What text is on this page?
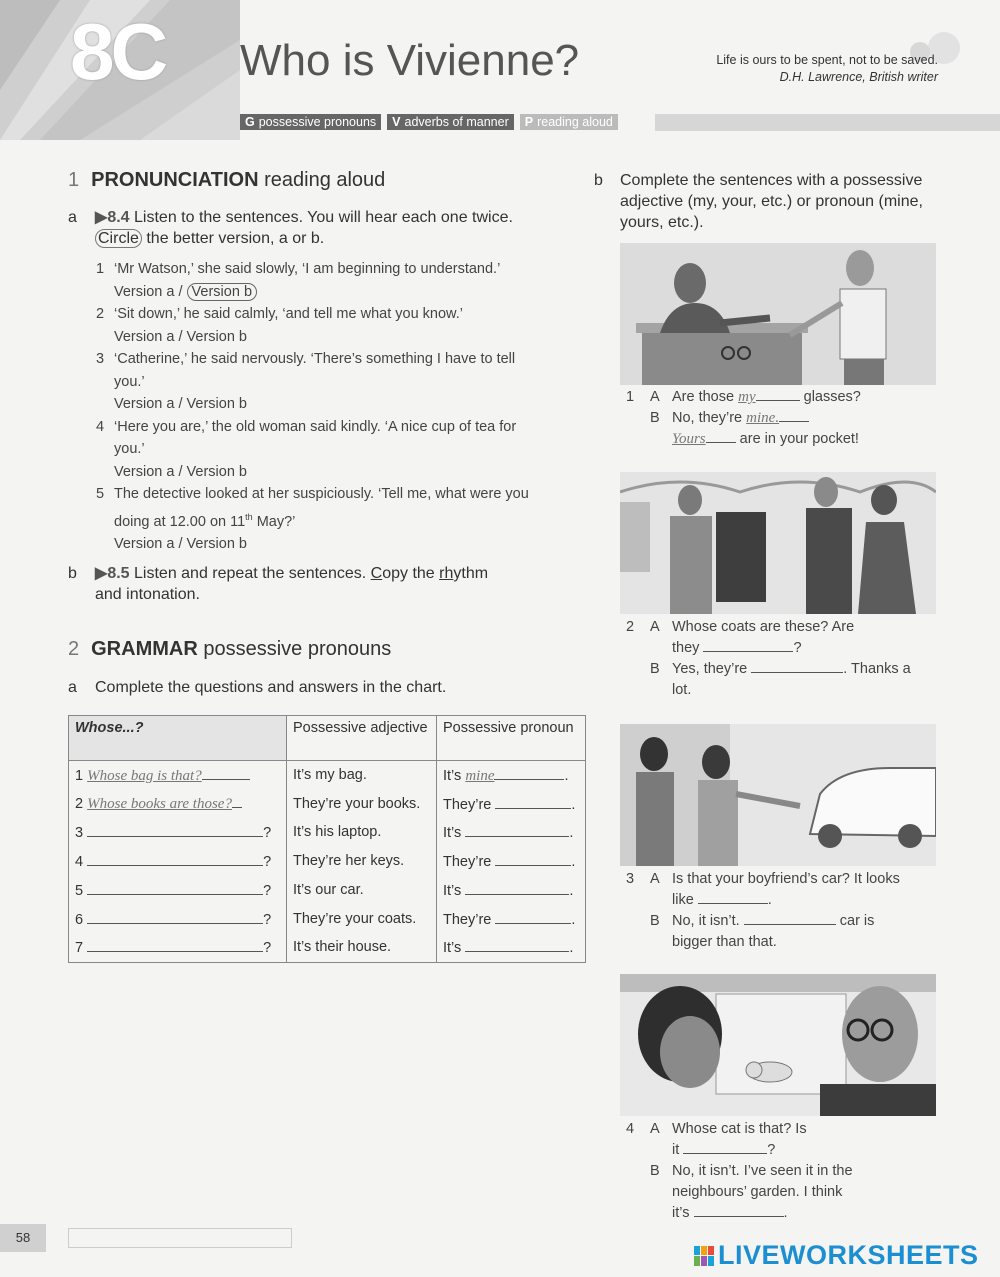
8C Who is Vivienne?	Life is ours to be spent, not to be saved.
D.H. Lawrence, British writer
G possessive pronouns V adverbs of manner P reading aloud
1 PRONUNCIATION reading aloud
a ▶8.4 Listen to the sentences. You will hear each one twice.
Circle the better version, a or b.
1 ‘Mr Watson,’ she said slowly, ‘I am beginning to understand.’
Version a / Version b
2 ‘Sit down,’ he said calmly, ‘and tell me what you know.’
Version a / Version b
3 ‘Catherine,’ he said nervously. ‘There’s something I have to tell you.’
Version a / Version b
4 ‘Here you are,’ the old woman said kindly. ‘A nice cup of tea for you.’
Version a / Version b
5 The detective looked at her suspiciously. ‘Tell me, what were you doing at 12.00 on 11th May?’
Version a / Version b
b ▶8.5 Listen and repeat the sentences. Copy the rhythm
and intonation.
2 GRAMMAR possessive pronouns
a Complete the questions and answers in the chart.
Whose...?	Possessive adjective	Possessive pronoun
1 Whose bag is that?	It’s my bag.	It’s mine .
2 Whose books are those?	They’re your books.	They’re .
3 ?	It’s his laptop.	It’s .
4 ?	They’re her keys.	They’re .
5 ?	It’s our car.	It’s .
6 ?	They’re your coats.	They’re .
7 ?	It’s their house.	It’s .
b Complete the sentences with a possessive adjective (my, your, etc.) or pronoun (mine, yours, etc.).
1	A Are those my	glasses?
B No, they’re mine.
Yours are in your pocket!
2	A Whose coats are these? Are
they	?
B Yes, they’re	. Thanks a
lot.
3	A Is that your boyfriend’s car? It looks
like	.
B No, it isn’t.	car is
bigger than that.
4	A Whose cat is that? Is
it	?
B No, it isn’t. I’ve seen it in the
neighbours’ garden. I think
it’s	.
58
LIVEWORKSHEETS
